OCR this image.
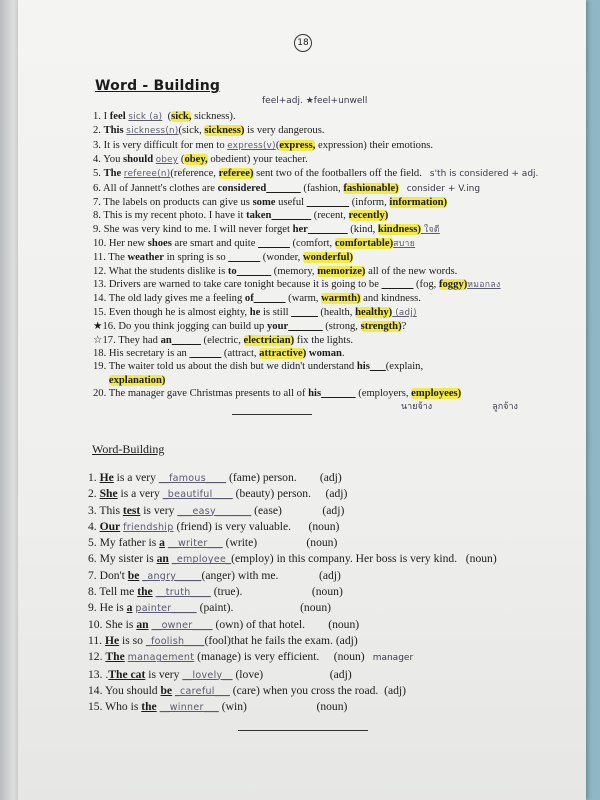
18
Word - Building
feel+adj. ★feel+unwell
1. I feel sick (a)  (sick, sickness).
2. This sickness(n)(sick, sickness) is very dangerous.
3. It is very difficult for men to express(v)(express, expression) their emotions.
4. You should obey (obey, obedient) your teacher.
5. The referee(n)(reference, referee) sent two of the footballers off the field. s'th is considered + adj.
6. All of Jannett's clothes are considered ______ (fashion, fashionable) consider + V.ing
7. The labels on products can give us some useful ________ (inform, information)
8. This is my recent photo. I have it taken _______ (recent, recently)
9. She was very kind to me. I will never forget her _______ (kind, kindness) ใจดี
10. Her new shoes are smart and quite ______ (comfort, comfortable)สบาย
11. The weather in spring is so ______ (wonder, wonderful)
12. What the students dislike is to ______ (memory, memorize) all of the new words.
13. Drivers are warned to take care tonight because it is going to be ______ (fog, foggy)หมอกลง
14. The old lady gives me a feeling of______ (warm, warmth) and kindness.
15. Even though he is almost eighty, he is still _____ (health, healthy) (adj)
★16. Do you think jogging can build up your ______ (strong, strength)?
☆17. They had an _____ (electric, electrician) fix the lights.
18. His secretary is an ______ (attract, attractive) woman.
19. The waiter told us about the dish but we didn't understand his___(explain,
explanation)
20. The manager gave Christmas presents to all of his ______ (employers, employees)
นายจ้าง	ลูกจ้าง
Word-Building
1. He is a very __famous____ (fame) person.        (adj)
2. She is a very _beautiful____ (beauty) person.     (adj)
3. This test is very ___easy_______ (ease)              (adj)
4. Our friendship (friend) is very valuable.      (noun)
5. My father is a __writer___ (write)                 (noun)
6. My sister is an _employee_(employ) in this company. Her boss is very kind.   (noun)
7. Don't be _angry_____(anger) with me.              (adj)
8. Tell me the __truth____ (true).                        (noun)
9. He is a painter_____ (paint).                       (noun)
10. She is an __owner____ (own) of that hotel.        (noun)
11. He is so _foolish____(fool)that he fails the exam. (adj)
12. The management (manage) is very efficient.     (noun) manager
13. .The cat is very __lovely__ (love)                       (adj)
14. You should be _careful___ (care) when you cross the road.  (adj)
15. Who is the __winner___ (win)                        (noun)
